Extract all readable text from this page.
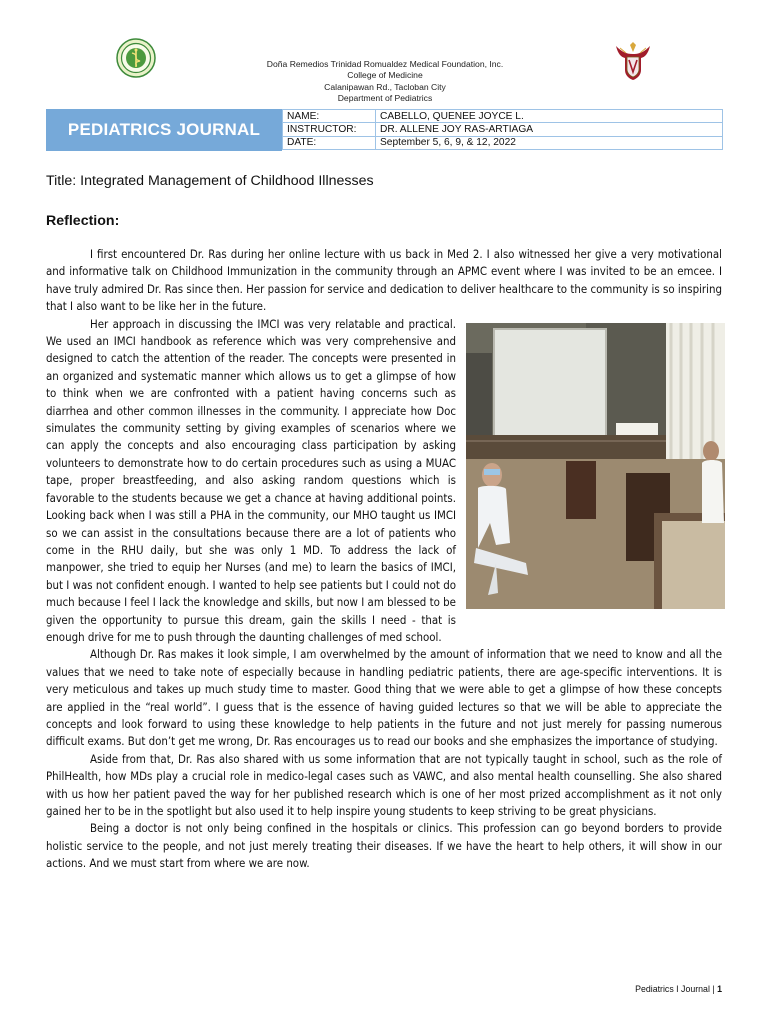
Doña Remedios Trinidad Romualdez Medical Foundation, Inc.
College of Medicine
Calanipawan Rd., Tacloban City
Department of Pediatrics
PEDIATRICS JOURNAL
NAME:	CABELLO, QUENEE JOYCE L.
INSTRUCTOR:	DR. ALLENE JOY RAS-ARTIAGA
DATE:	September 5, 6, 9, & 12, 2022
Title: Integrated Management of Childhood Illnesses
Reflection:

I first encountered Dr. Ras during her online lecture with us back in Med 2. I also witnessed her give a very motivational and informative talk on Childhood Immunization in the community through an APMC event where I was invited to be an emcee. I have truly admired Dr. Ras since then. Her passion for service and dedication to deliver healthcare to the community is so inspiring that I also want to be like her in the future.

Her approach in discussing the IMCI was very relatable and practical. We used an IMCI handbook as reference which was very comprehensive and designed to catch the attention of the reader. The concepts were presented in an organized and systematic manner which allows us to get a glimpse of how to think when we are confronted with a patient having concerns such as diarrhea and other common illnesses in the community. I appreciate how Doc simulates the community setting by giving examples of scenarios where we can apply the concepts and also encouraging class participation by asking volunteers to demonstrate how to do certain procedures such as using a MUAC tape, proper breastfeeding, and also asking random questions which is favorable to the students because we get a chance at having additional points. Looking back when I was still a PHA in the community, our MHO taught us IMCI so we can assist in the consultations because there are a lot of patients who come in the RHU daily, but she was only 1 MD. To address the lack of manpower, she tried to equip her Nurses (and me) to learn the basics of IMCI, but I was not confident enough. I wanted to help see patients but I could not do much because I feel I lack the knowledge and skills, but now I am blessed to be given the opportunity to pursue this dream, gain the skills I need - that is enough drive for me to push through the daunting challenges of med school.

Although Dr. Ras makes it look simple, I am overwhelmed by the amount of information that we need to know and all the values that we need to take note of especially because in handling pediatric patients, there are age-specific interventions. It is very meticulous and takes up much study time to master. Good thing that we were able to get a glimpse of how these concepts are applied in the “real world”. I guess that is the essence of having guided lectures so that we will be able to appreciate the concepts and look forward to using these knowledge to help patients in the future and not just merely for passing numerous difficult exams. But don’t get me wrong, Dr. Ras encourages us to read our books and she emphasizes the importance of studying.

Aside from that, Dr. Ras also shared with us some information that are not typically taught in school, such as the role of PhilHealth, how MDs play a crucial role in medico-legal cases such as VAWC, and also mental health counselling. She also shared with us how her patient paved the way for her published research which is one of her most prized accomplishment as it not only gained her to be in the spotlight but also used it to help inspire young students to keep striving to be great physicians.

Being a doctor is not only being confined in the hospitals or clinics. This profession can go beyond borders to provide holistic service to the people, and not just merely treating their diseases. If we have the heart to help others, it will show in our actions. And we must start from where we are now.

Pediatrics I Journal | 1
